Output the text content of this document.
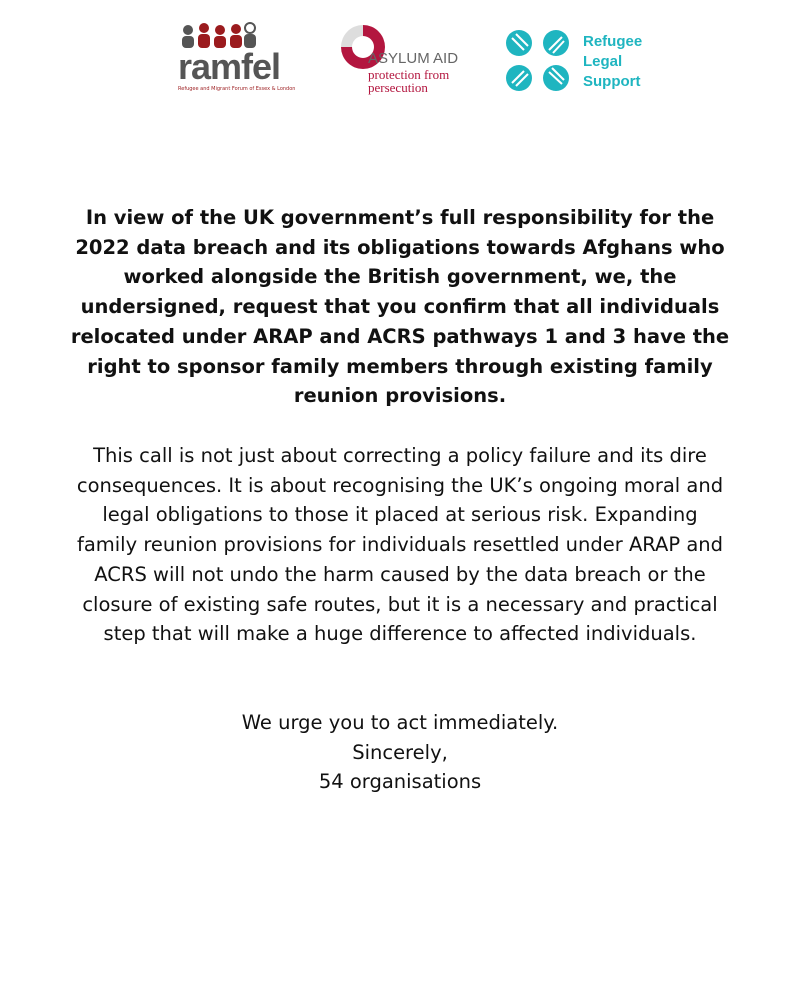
ramfel
Refugee and Migrant Forum of Essex & London
ASYLUM AID
protection from persecution
Refugee Legal Support
In view of the UK government’s full responsibility for the 2022 data breach and its obligations towards Afghans who worked alongside the British government, we, the undersigned, request that you confirm that all individuals relocated under ARAP and ACRS pathways 1 and 3 have the right to sponsor family members through existing family reunion provisions.
This call is not just about correcting a policy failure and its dire consequences. It is about recognising the UK’s ongoing moral and legal obligations to those it placed at serious risk. Expanding family reunion provisions for individuals resettled under ARAP and ACRS will not undo the harm caused by the data breach or the closure of existing safe routes, but it is a necessary and practical step that will make a huge difference to affected individuals.
We urge you to act immediately.
Sincerely,
54 organisations
